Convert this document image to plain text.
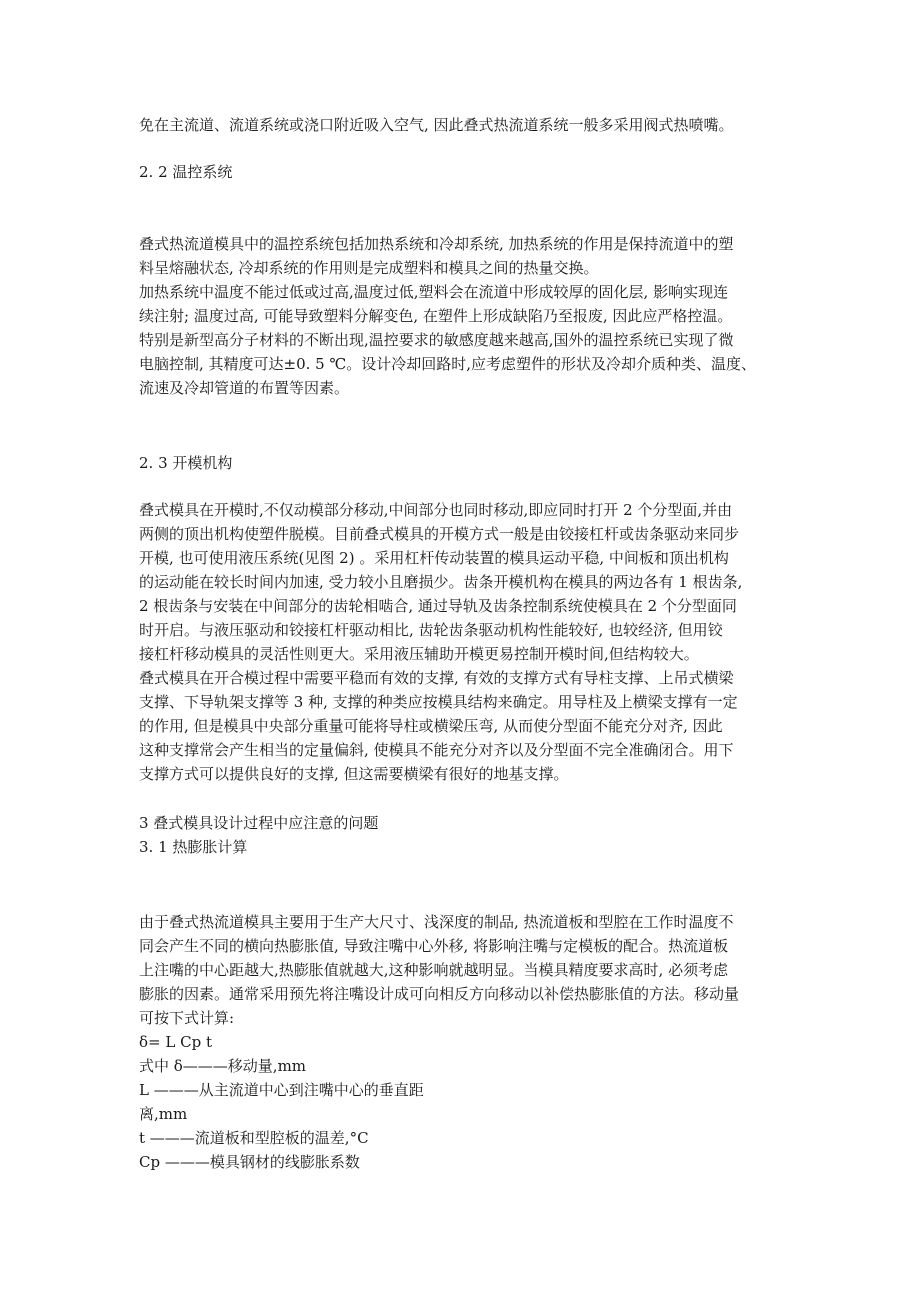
免在主流道、流道系统或浇口附近吸入空气, 因此叠式热流道系统一般多采用阀式热喷嘴。
2. 2 温控系统
叠式热流道模具中的温控系统包括加热系统和冷却系统, 加热系统的作用是保持流道中的塑
料呈熔融状态, 冷却系统的作用则是完成塑料和模具之间的热量交换。
加热系统中温度不能过低或过高,温度过低,塑料会在流道中形成较厚的固化层, 影响实现连
续注射; 温度过高, 可能导致塑料分解变色, 在塑件上形成缺陷乃至报废, 因此应严格控温。
特别是新型高分子材料的不断出现,温控要求的敏感度越来越高,国外的温控系统已实现了微
电脑控制, 其精度可达±0. 5 ℃。设计冷却回路时,应考虑塑件的形状及冷却介质种类、温度、
流速及冷却管道的布置等因素。
2. 3 开模机构
叠式模具在开模时,不仅动模部分移动,中间部分也同时移动,即应同时打开 2 个分型面,并由
两侧的顶出机构使塑件脱模。目前叠式模具的开模方式一般是由铰接杠杆或齿条驱动来同步
开模, 也可使用液压系统(见图 2) 。采用杠杆传动装置的模具运动平稳, 中间板和顶出机构
的运动能在较长时间内加速, 受力较小且磨损少。齿条开模机构在模具的两边各有 1 根齿条,
2 根齿条与安装在中间部分的齿轮相啮合, 通过导轨及齿条控制系统使模具在 2 个分型面同
时开启。与液压驱动和铰接杠杆驱动相比, 齿轮齿条驱动机构性能较好, 也较经济, 但用铰
接杠杆移动模具的灵活性则更大。采用液压辅助开模更易控制开模时间,但结构较大。
叠式模具在开合模过程中需要平稳而有效的支撑, 有效的支撑方式有导柱支撑、上吊式横梁
支撑、下导轨架支撑等 3 种, 支撑的种类应按模具结构来确定。用导柱及上横梁支撑有一定
的作用, 但是模具中央部分重量可能将导柱或横梁压弯, 从而使分型面不能充分对齐, 因此
这种支撑常会产生相当的定量偏斜, 使模具不能充分对齐以及分型面不完全准确闭合。用下
支撑方式可以提供良好的支撑, 但这需要横梁有很好的地基支撑。
3 叠式模具设计过程中应注意的问题
3. 1 热膨胀计算
由于叠式热流道模具主要用于生产大尺寸、浅深度的制品, 热流道板和型腔在工作时温度不
同会产生不同的横向热膨胀值, 导致注嘴中心外移, 将影响注嘴与定模板的配合。热流道板
上注嘴的中心距越大,热膨胀值就越大,这种影响就越明显。当模具精度要求高时, 必须考虑
膨胀的因素。通常采用预先将注嘴设计成可向相反方向移动以补偿热膨胀值的方法。移动量
可按下式计算:
δ= L Cp t
式中 δ———移动量,mm
L ———从主流道中心到注嘴中心的垂直距
离,mm
t ———流道板和型腔板的温差,°C
Cp ———模具钢材的线膨胀系数
